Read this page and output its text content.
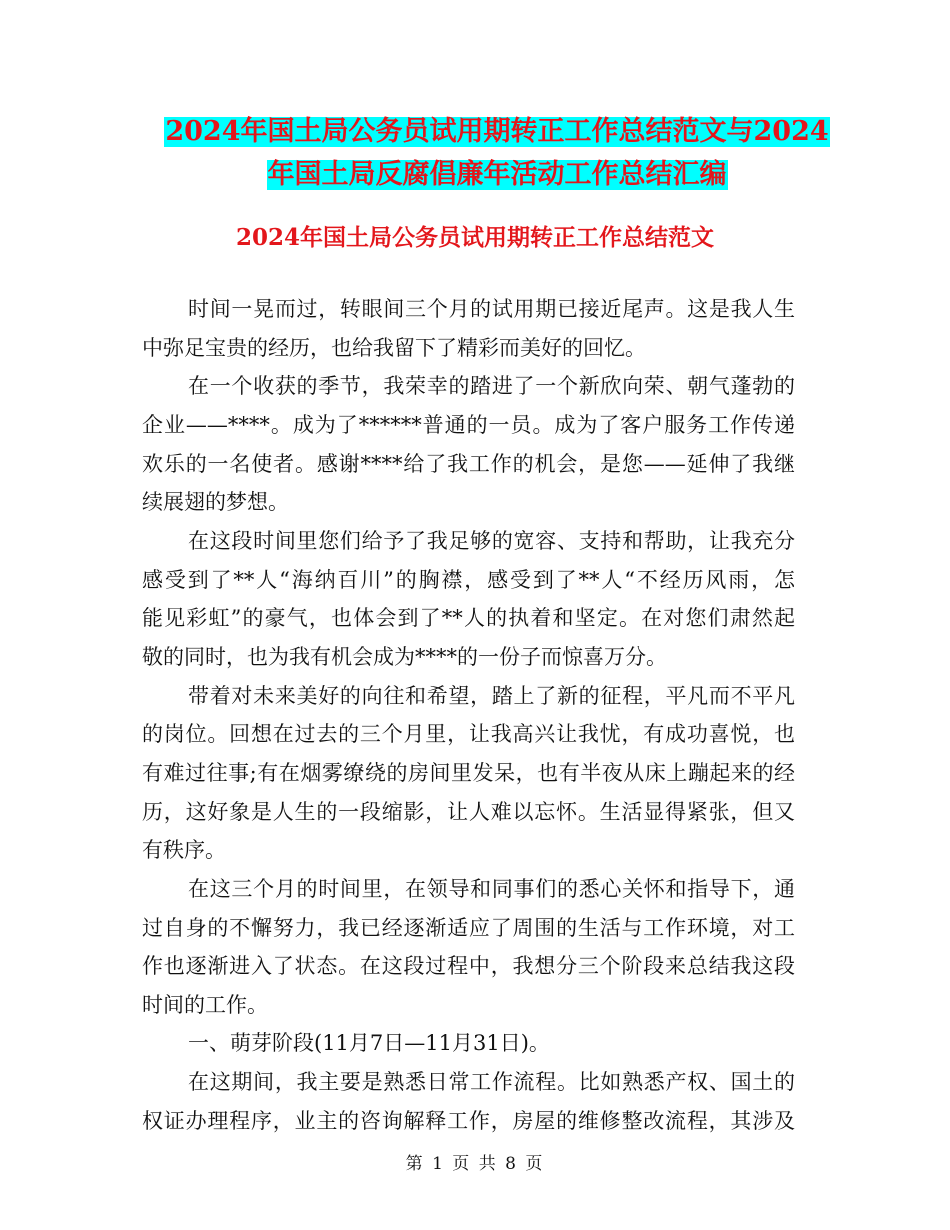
2024年国土局公务员试用期转正工作总结范文与2024
年国土局反腐倡廉年活动工作总结汇编
2024年国土局公务员试用期转正工作总结范文
时间一晃而过，转眼间三个月的试用期已接近尾声。这是我人生
中弥足宝贵的经历，也给我留下了精彩而美好的回忆。
在一个收获的季节，我荣幸的踏进了一个新欣向荣、朝气蓬勃的
企业——****。成为了******普通的一员。成为了客户服务工作传递
欢乐的一名使者。感谢****给了我工作的机会，是您——延伸了我继
续展翅的梦想。
在这段时间里您们给予了我足够的宽容、支持和帮助，让我充分
感受到了**人“海纳百川”的胸襟，感受到了**人“不经历风雨，怎
能见彩虹”的豪气，也体会到了**人的执着和坚定。在对您们肃然起
敬的同时，也为我有机会成为****的一份子而惊喜万分。
带着对未来美好的向往和希望，踏上了新的征程，平凡而不平凡
的岗位。回想在过去的三个月里，让我高兴让我忧，有成功喜悦，也
有难过往事;有在烟雾缭绕的房间里发呆，也有半夜从床上蹦起来的经
历，这好象是人生的一段缩影，让人难以忘怀。生活显得紧张，但又
有秩序。
在这三个月的时间里，在领导和同事们的悉心关怀和指导下，通
过自身的不懈努力，我已经逐渐适应了周围的生活与工作环境，对工
作也逐渐进入了状态。在这段过程中，我想分三个阶段来总结我这段
时间的工作。
一、萌芽阶段(11月7日—11月31日)。
在这期间，我主要是熟悉日常工作流程。比如熟悉产权、国土的
权证办理程序，业主的咨询解释工作，房屋的维修整改流程，其涉及
第 1 页 共 8 页
